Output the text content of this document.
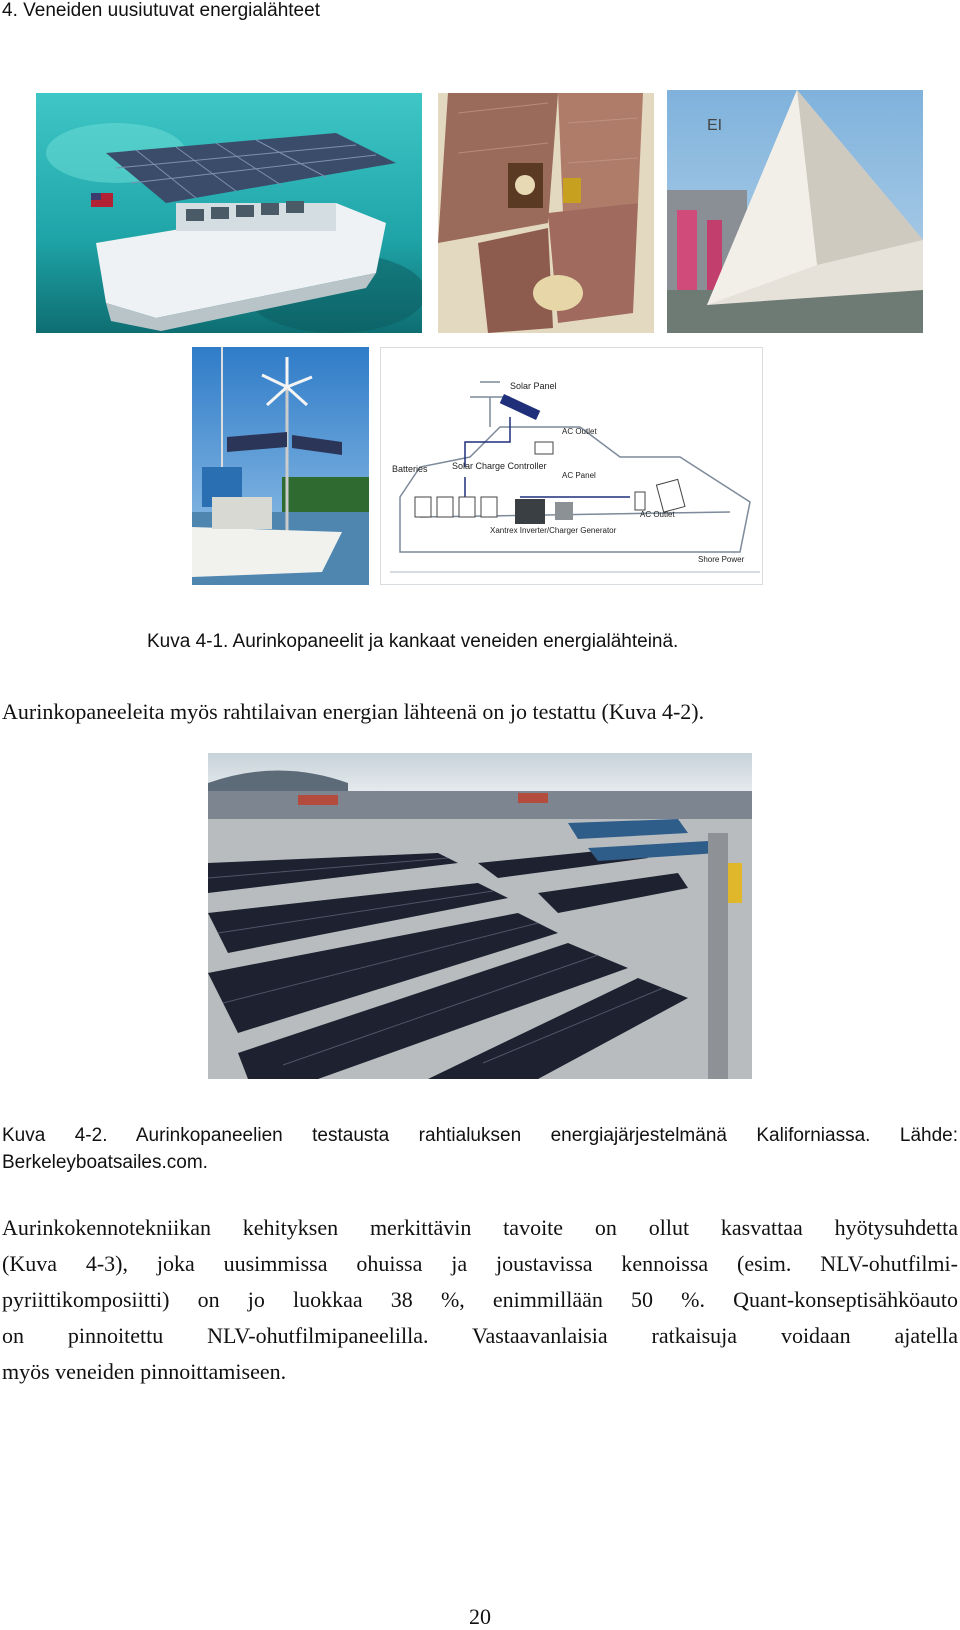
4. Veneiden uusiutuvat energialähteet
EI
Solar Panel
AC Outlet
Batteries	Solar Charge Controller
AC Panel
AC Outlet
Xantrex Inverter/Charger Generator
Shore Power
Kuva 4-1. Aurinkopaneelit ja kankaat veneiden energialähteinä.
Aurinkopaneeleita myös rahtilaivan energian lähteenä on jo testattu (Kuva 4-2).
Kuva 4-2. Aurinkopaneelien testausta rahtialuksen energiajärjestelmänä Kaliforniassa. Lähde:
Berkeleyboatsailes.com.
Aurinkokennotekniikan kehityksen merkittävin tavoite on ollut kasvattaa hyötysuhdetta
(Kuva 4-3), joka uusimmissa ohuissa ja joustavissa kennoissa (esim. NLV-ohutfilmi-
pyriittikomposiitti) on jo luokkaa 38 %, enimmillään 50 %. Quant-konseptisähköauto
on pinnoitettu NLV-ohutfilmipaneelilla. Vastaavanlaisia ratkaisuja voidaan ajatella
myös veneiden pinnoittamiseen.
20
